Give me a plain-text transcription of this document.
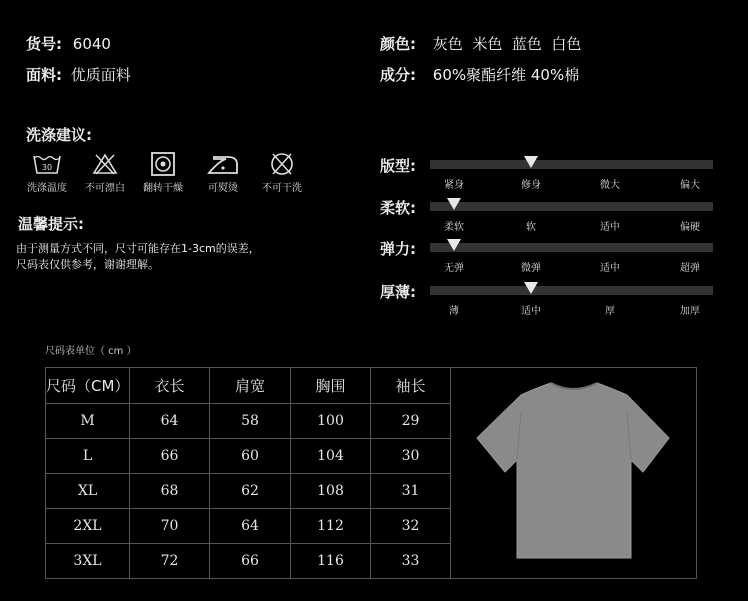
货号: 6040
面料: 优质面料
颜色: 灰色  米色  蓝色  白色
成分: 60%聚酯纤维 40%棉
洗涤建议:
30
洗涤温度	不可漂白	翻转干燥	可熨烫	不可干洗
温馨提示:
由于测量方式不同，尺寸可能存在1-3cm的误差，
尺码表仅供参考，谢谢理解。
版型:
紧身	修身	微大	偏大
柔软:
柔软	软	适中	偏硬
弹力:
无弹	微弹	适中	超弹
厚薄:
薄	适中	厚	加厚
尺码表单位（ cm ）
尺码（CM）	衣长	肩宽	胸围	袖长
M	64	58	100	29
L	66	60	104	30
XL	68	62	108	31
2XL	70	64	112	32
3XL	72	66	116	33
